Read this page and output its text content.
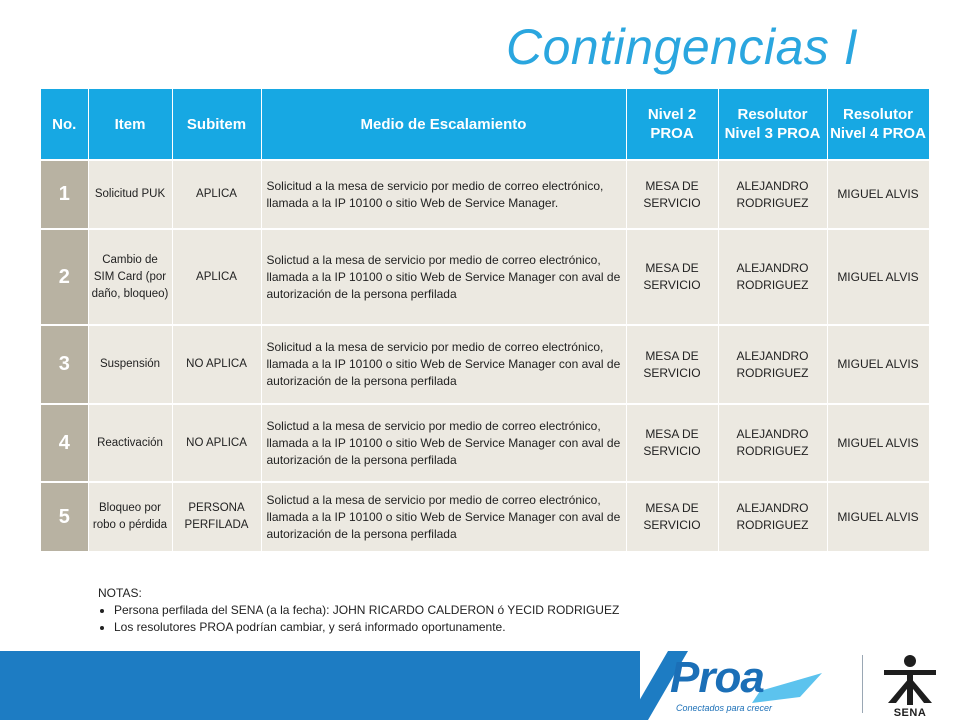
Contingencias I
No.	Item	Subitem	Medio de Escalamiento	Nivel 2 PROA	Resolutor Nivel 3 PROA	Resolutor Nivel 4 PROA
1	Solicitud PUK	APLICA	Solicitud a la mesa de servicio por medio de correo electrónico, llamada a la IP 10100 o sitio Web de Service Manager.	MESA DE SERVICIO	ALEJANDRO RODRIGUEZ	MIGUEL ALVIS
2	Cambio de SIM Card (por daño, bloqueo)	APLICA	Solictud a la mesa de servicio por medio de correo electrónico, llamada a la IP 10100 o sitio Web de Service Manager con aval de autorización de la persona perfilada	MESA DE SERVICIO	ALEJANDRO RODRIGUEZ	MIGUEL ALVIS
3	Suspensión	NO APLICA	Solicitud a la mesa de servicio por medio de correo electrónico, llamada a la IP 10100 o sitio Web de Service Manager con aval de autorización de la persona perfilada	MESA DE SERVICIO	ALEJANDRO RODRIGUEZ	MIGUEL ALVIS
4	Reactivación	NO APLICA	Solictud a la mesa de servicio por medio de correo electrónico, llamada a la IP 10100 o sitio Web de Service Manager con aval de autorización de la persona perfilada	MESA DE SERVICIO	ALEJANDRO RODRIGUEZ	MIGUEL ALVIS
5	Bloqueo por robo o pérdida	PERSONA PERFILADA	Solictud a la mesa de servicio por medio de correo electrónico, llamada a la IP 10100 o sitio Web de Service Manager con aval de autorización de la persona perfilada	MESA DE SERVICIO	ALEJANDRO RODRIGUEZ	MIGUEL ALVIS
NOTAS:
• Persona perfilada del SENA (a la fecha): JOHN RICARDO CALDERON ó YECID RODRIGUEZ
• Los resolutores PROA podrían cambiar, y será informado oportunamente.
Proa
Conectados para crecer	SENA
